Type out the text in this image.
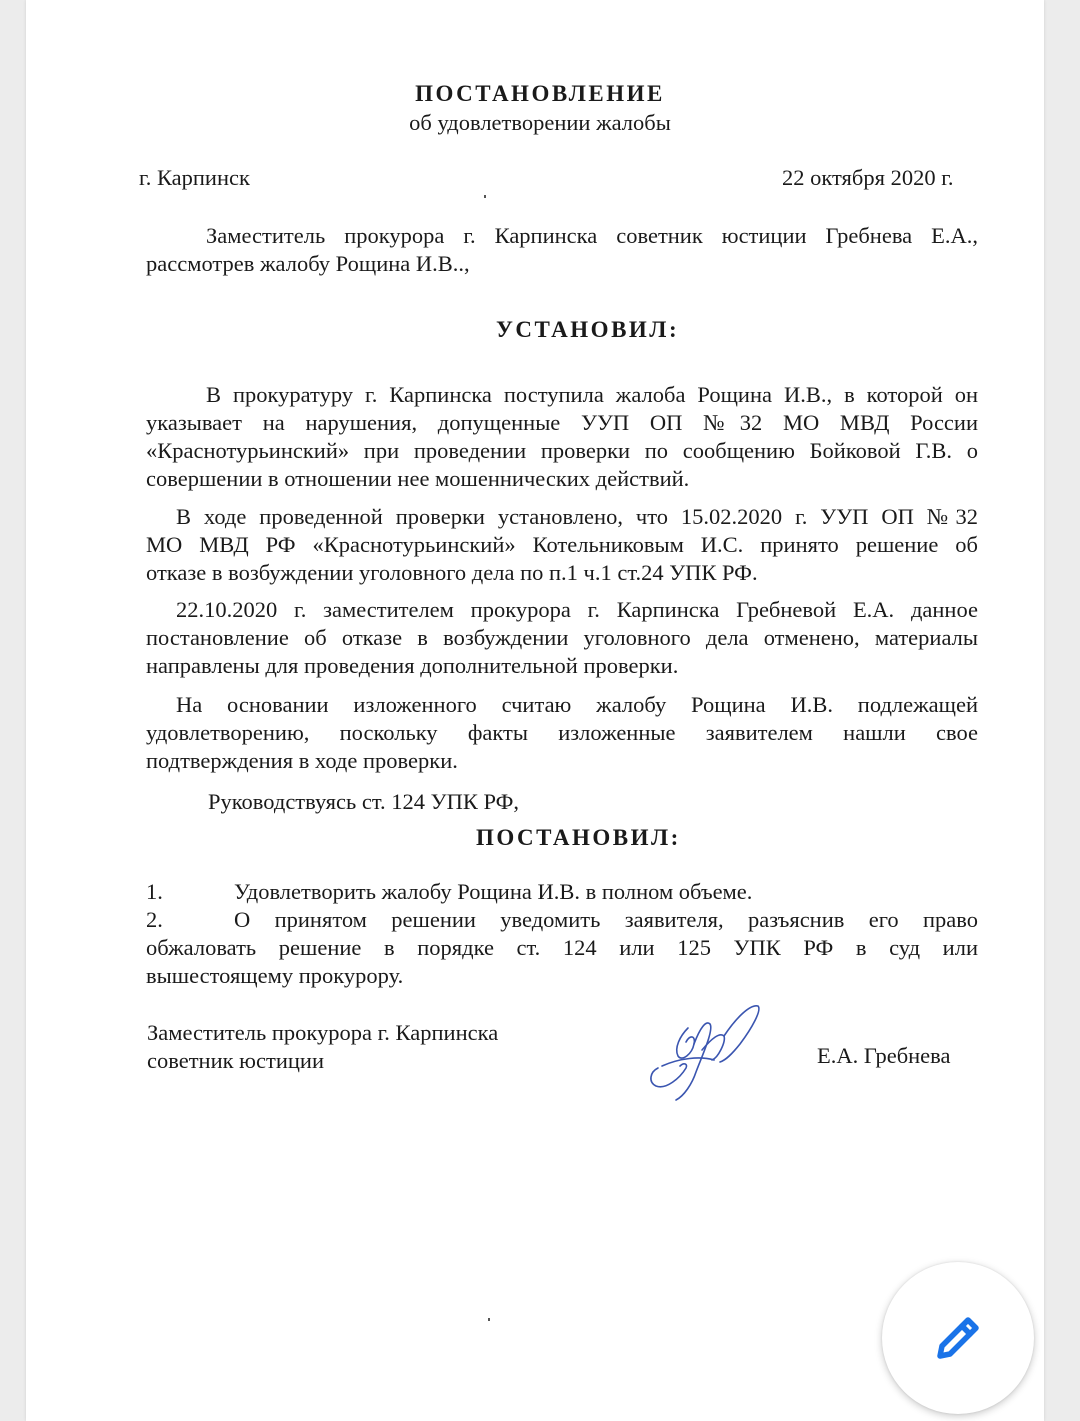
ПОСТАНОВЛЕНИЕ
об удовлетворении жалобы
г. Карпинск	22 октября 2020 г.
Заместитель прокурора г. Карпинска советник юстиции Гребнева Е.А.,
рассмотрев жалобу Рощина И.В..,
УСТАНОВИЛ:
В прокуратуру г. Карпинска поступила жалоба Рощина И.В., в которой он
указывает на нарушения, допущенные УУП ОП №32 МО МВД России
«Краснотурьинский» при проведении проверки по сообщению Бойковой Г.В. о
совершении в отношении нее мошеннических действий.
В ходе проведенной проверки установлено, что 15.02.2020 г. УУП ОП №32
МО МВД РФ «Краснотурьинский» Котельниковым И.С. принято решение об
отказе в возбуждении уголовного дела по п.1 ч.1 ст.24 УПК РФ.
22.10.2020 г. заместителем прокурора г. Карпинска Гребневой Е.А. данное
постановление об отказе в возбуждении уголовного дела отменено, материалы
направлены для проведения дополнительной проверки.
На основании изложенного считаю жалобу Рощина И.В. подлежащей
удовлетворению, поскольку факты изложенные заявителем нашли свое
подтверждения в ходе проверки.
Руководствуясь ст. 124 УПК РФ,
ПОСТАНОВИЛ:
1.	Удовлетворить жалобу Рощина И.В. в полном объеме.
2.	О принятом решении уведомить заявителя, разъяснив его право
обжаловать решение в порядке ст. 124 или 125 УПК РФ в суд или
вышестоящему прокурору.
Заместитель прокурора г. Карпинска
советник юстиции	Е.А. Гребнева
